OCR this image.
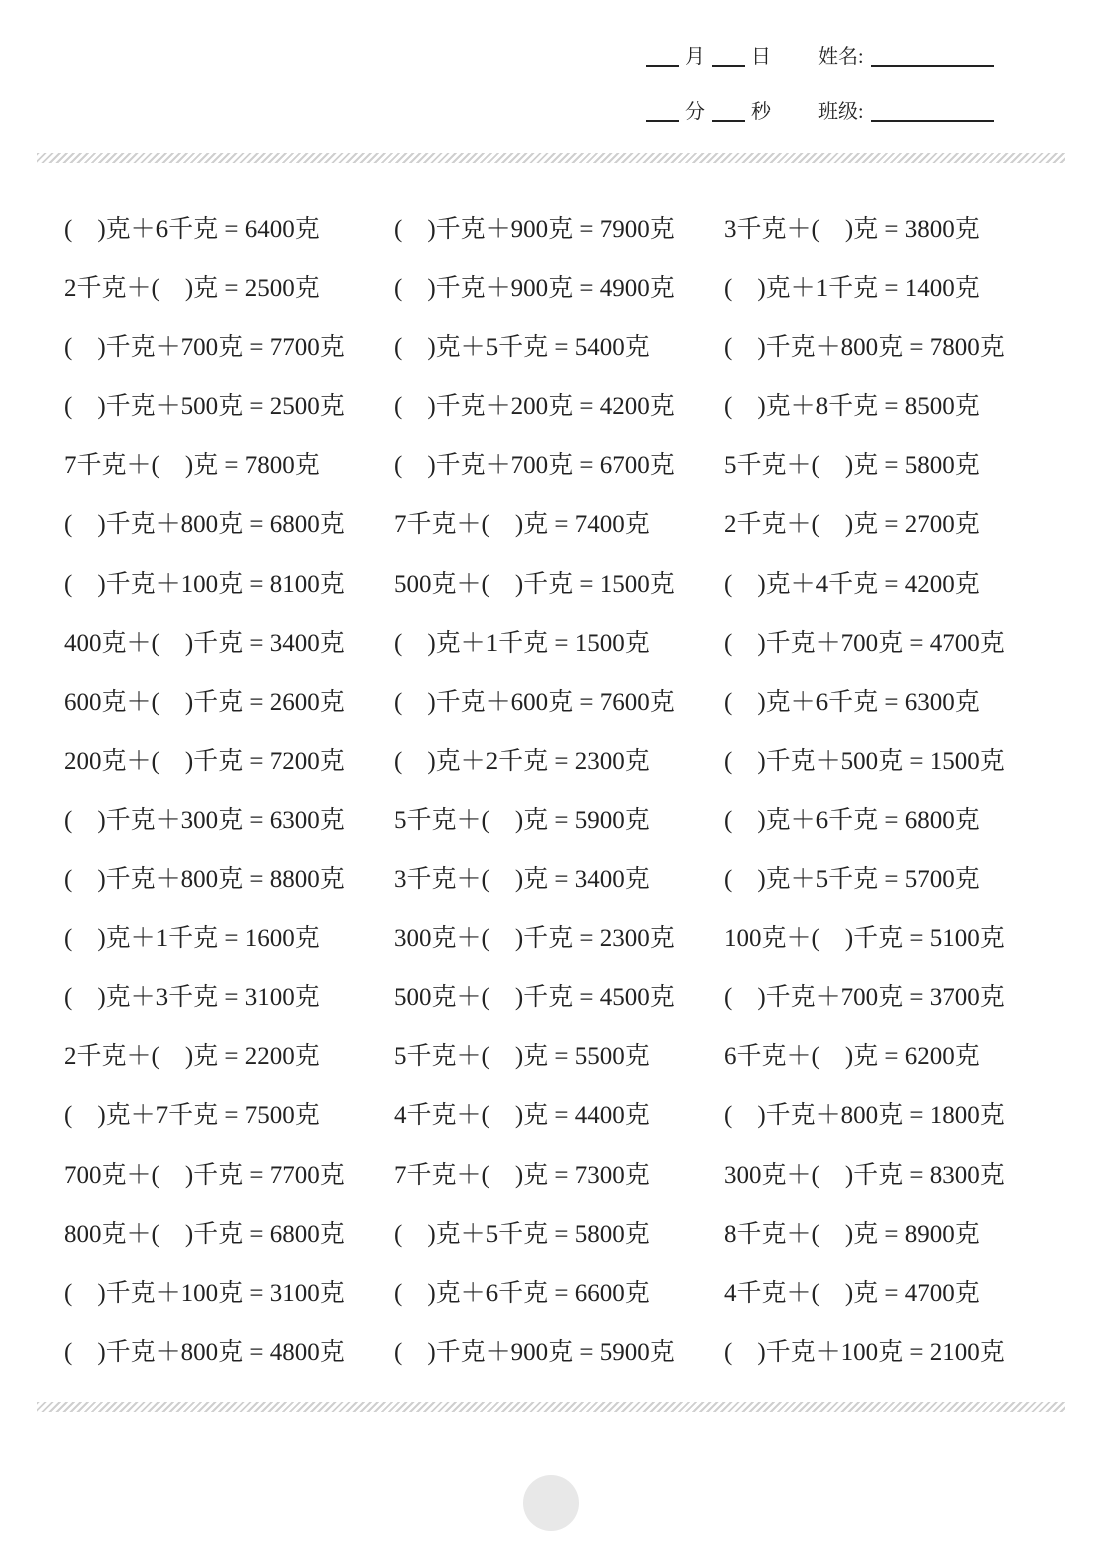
月 日 姓名:
分 秒 班级:
(    )克＋6千克 = 6400克	(    )千克＋900克 = 7900克	3千克＋(    )克 = 3800克
2千克＋(    )克 = 2500克	(    )千克＋900克 = 4900克	(    )克＋1千克 = 1400克
(    )千克＋700克 = 7700克	(    )克＋5千克 = 5400克	(    )千克＋800克 = 7800克
(    )千克＋500克 = 2500克	(    )千克＋200克 = 4200克	(    )克＋8千克 = 8500克
7千克＋(    )克 = 7800克	(    )千克＋700克 = 6700克	5千克＋(    )克 = 5800克
(    )千克＋800克 = 6800克	7千克＋(    )克 = 7400克	2千克＋(    )克 = 2700克
(    )千克＋100克 = 8100克	500克＋(    )千克 = 1500克	(    )克＋4千克 = 4200克
400克＋(    )千克 = 3400克	(    )克＋1千克 = 1500克	(    )千克＋700克 = 4700克
600克＋(    )千克 = 2600克	(    )千克＋600克 = 7600克	(    )克＋6千克 = 6300克
200克＋(    )千克 = 7200克	(    )克＋2千克 = 2300克	(    )千克＋500克 = 1500克
(    )千克＋300克 = 6300克	5千克＋(    )克 = 5900克	(    )克＋6千克 = 6800克
(    )千克＋800克 = 8800克	3千克＋(    )克 = 3400克	(    )克＋5千克 = 5700克
(    )克＋1千克 = 1600克	300克＋(    )千克 = 2300克	100克＋(    )千克 = 5100克
(    )克＋3千克 = 3100克	500克＋(    )千克 = 4500克	(    )千克＋700克 = 3700克
2千克＋(    )克 = 2200克	5千克＋(    )克 = 5500克	6千克＋(    )克 = 6200克
(    )克＋7千克 = 7500克	4千克＋(    )克 = 4400克	(    )千克＋800克 = 1800克
700克＋(    )千克 = 7700克	7千克＋(    )克 = 7300克	300克＋(    )千克 = 8300克
800克＋(    )千克 = 6800克	(    )克＋5千克 = 5800克	8千克＋(    )克 = 8900克
(    )千克＋100克 = 3100克	(    )克＋6千克 = 6600克	4千克＋(    )克 = 4700克
(    )千克＋800克 = 4800克	(    )千克＋900克 = 5900克	(    )千克＋100克 = 2100克
